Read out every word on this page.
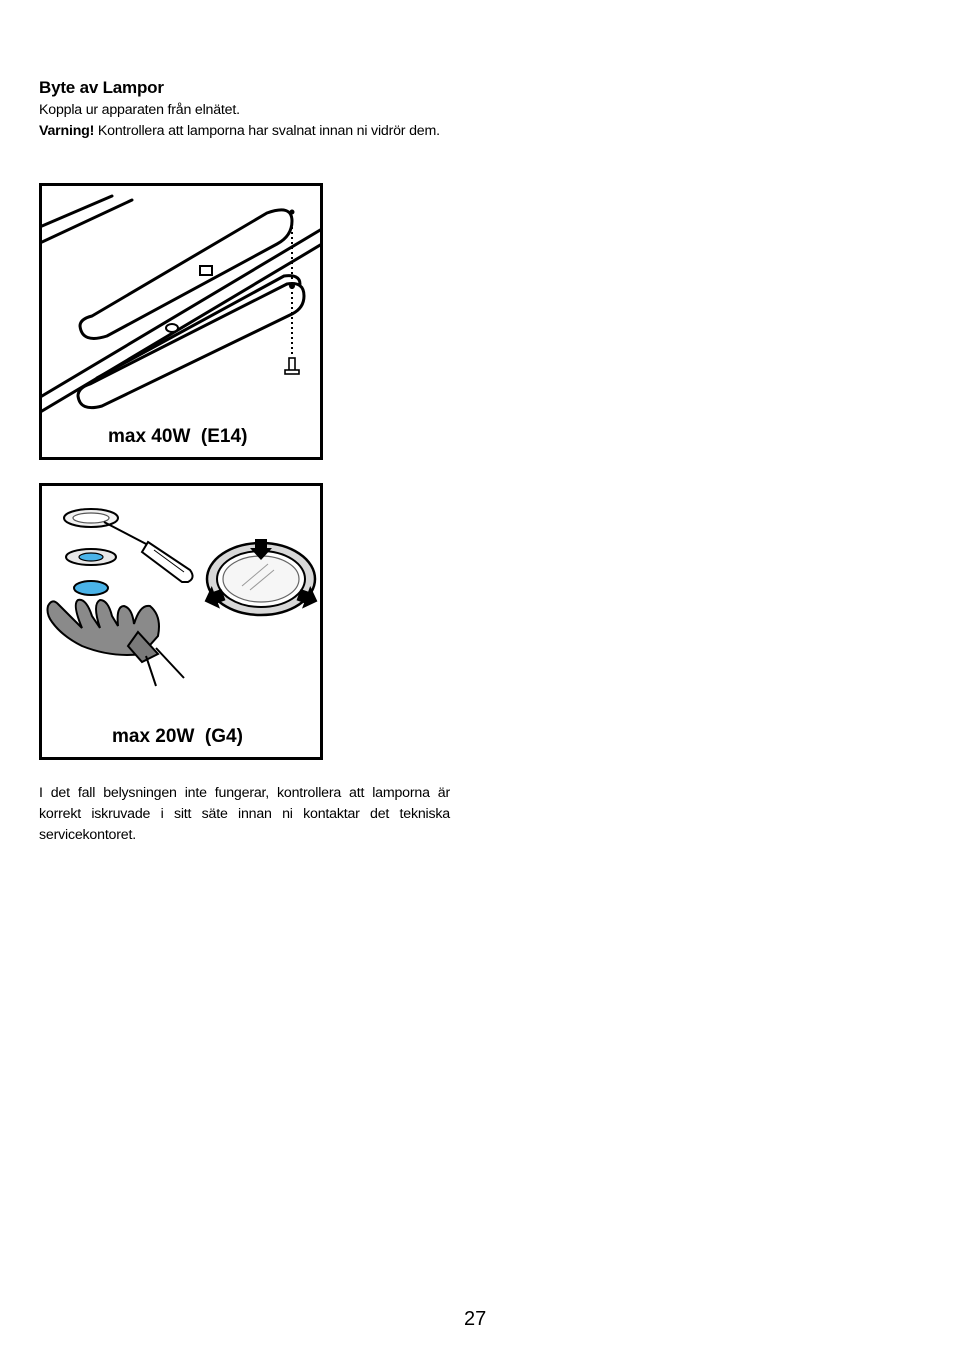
Byte av Lampor
Koppla ur apparaten från elnätet.
Varning! Kontrollera att lamporna har svalnat innan ni vidrör dem.
max 40W  (E14)
max 20W  (G4)
I det fall belysningen inte fungerar, kontrollera att lamporna är korrekt iskruvade i sitt säte innan ni kontaktar det tekniska servicekontoret.
27
